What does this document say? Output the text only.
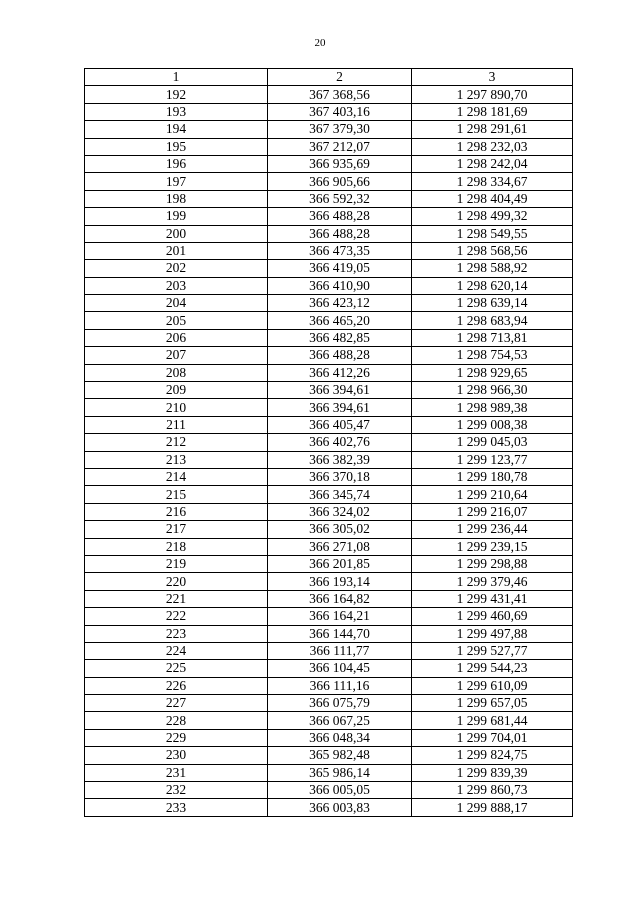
20
1	2	3
192	367 368,56	1 297 890,70
193	367 403,16	1 298 181,69
194	367 379,30	1 298 291,61
195	367 212,07	1 298 232,03
196	366 935,69	1 298 242,04
197	366 905,66	1 298 334,67
198	366 592,32	1 298 404,49
199	366 488,28	1 298 499,32
200	366 488,28	1 298 549,55
201	366 473,35	1 298 568,56
202	366 419,05	1 298 588,92
203	366 410,90	1 298 620,14
204	366 423,12	1 298 639,14
205	366 465,20	1 298 683,94
206	366 482,85	1 298 713,81
207	366 488,28	1 298 754,53
208	366 412,26	1 298 929,65
209	366 394,61	1 298 966,30
210	366 394,61	1 298 989,38
211	366 405,47	1 299 008,38
212	366 402,76	1 299 045,03
213	366 382,39	1 299 123,77
214	366 370,18	1 299 180,78
215	366 345,74	1 299 210,64
216	366 324,02	1 299 216,07
217	366 305,02	1 299 236,44
218	366 271,08	1 299 239,15
219	366 201,85	1 299 298,88
220	366 193,14	1 299 379,46
221	366 164,82	1 299 431,41
222	366 164,21	1 299 460,69
223	366 144,70	1 299 497,88
224	366 111,77	1 299 527,77
225	366 104,45	1 299 544,23
226	366 111,16	1 299 610,09
227	366 075,79	1 299 657,05
228	366 067,25	1 299 681,44
229	366 048,34	1 299 704,01
230	365 982,48	1 299 824,75
231	365 986,14	1 299 839,39
232	366 005,05	1 299 860,73
233	366 003,83	1 299 888,17
